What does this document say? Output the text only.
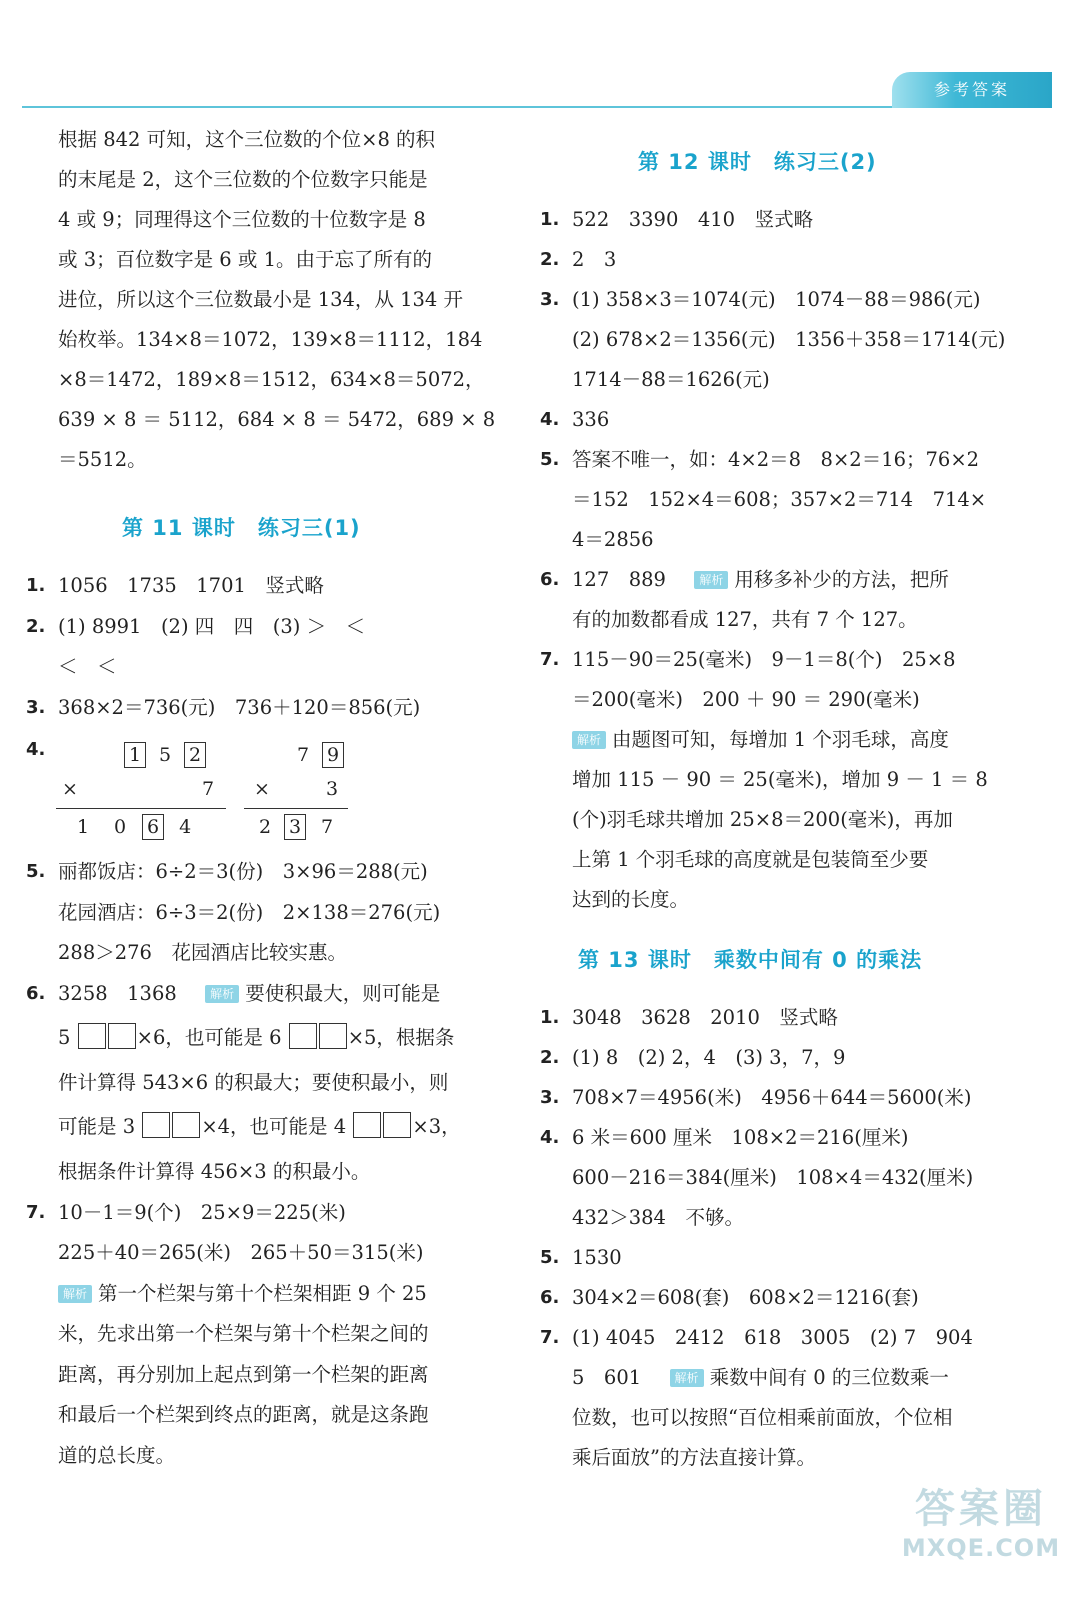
参考答案
根据 842 可知，这个三位数的个位×8 的积
的末尾是 2，这个三位数的个位数字只能是
4 或 9；同理得这个三位数的十位数字是 8
或 3；百位数字是 6 或 1。由于忘了所有的
进位，所以这个三位数最小是 134，从 134 开
始枚举。134×8＝1072，139×8＝1112，184
×8＝1472，189×8＝1512，634×8＝5072，
639 × 8 ＝ 5112，684 × 8 ＝ 5472，689 × 8
＝5512。
第 11 课时　练习三(1)
1. 1056　1735　1701　竖式略
2. (1) 8991　(2) 四　四　(3) ＞　＜
＜　＜
3. 368×2＝736(元)　736＋120＝856(元)
4.	1 5 2
×	7
1 0 6 4
7 9
×	3
2 3 7
5. 丽都饭店：6÷2＝3(份)　3×96＝288(元)
花园酒店：6÷3＝2(份)　2×138＝276(元)
288＞276　花园酒店比较实惠。
6. 3258　1368	解析 要使积最大，则可能是
5	×6，也可能是 6	×5，根据条
件计算得 543×6 的积最大；要使积最小，则
可能是 3	×4，也可能是 4	×3，
根据条件计算得 456×3 的积最小。
7. 10－1＝9(个)　25×9＝225(米)
225＋40＝265(米)　265＋50＝315(米)
解析 第一个栏架与第十个栏架相距 9 个 25
米，先求出第一个栏架与第十个栏架之间的
距离，再分别加上起点到第一个栏架的距离
和最后一个栏架到终点的距离，就是这条跑
道的总长度。
第 12 课时　练习三(2)
1. 522　3390　410　竖式略
2. 2　3
3. (1) 358×3＝1074(元)　1074－88＝986(元)
(2) 678×2＝1356(元)　1356＋358＝1714(元)
1714－88＝1626(元)
4. 336
5. 答案不唯一，如：4×2＝8　8×2＝16；76×2
＝152　152×4＝608；357×2＝714　714×
4＝2856
6. 127　889	解析 用移多补少的方法，把所
有的加数都看成 127，共有 7 个 127。
7. 115－90＝25(毫米)　9－1＝8(个)　25×8
＝200(毫米)　200 ＋ 90 ＝ 290(毫米)
解析 由题图可知，每增加 1 个羽毛球，高度
增加 115 － 90 ＝ 25(毫米)，增加 9 － 1 ＝ 8
(个)羽毛球共增加 25×8＝200(毫米)，再加
上第 1 个羽毛球的高度就是包装筒至少要
达到的长度。
第 13 课时　乘数中间有 0 的乘法
1. 3048　3628　2010　竖式略
2. (1) 8　(2) 2，4　(3) 3，7，9
3. 708×7＝4956(米)　4956＋644＝5600(米)
4. 6 米＝600 厘米　108×2＝216(厘米)
600－216＝384(厘米)　108×4＝432(厘米)
432＞384　不够。
5. 1530
6. 304×2＝608(套)　608×2＝1216(套)
7. (1) 4045　2412　618　3005　(2) 7　904
5　601	解析 乘数中间有 0 的三位数乘一
位数，也可以按照“百位相乘前面放，个位相
乘后面放”的方法直接计算。
答案圈
MXQE.COM
